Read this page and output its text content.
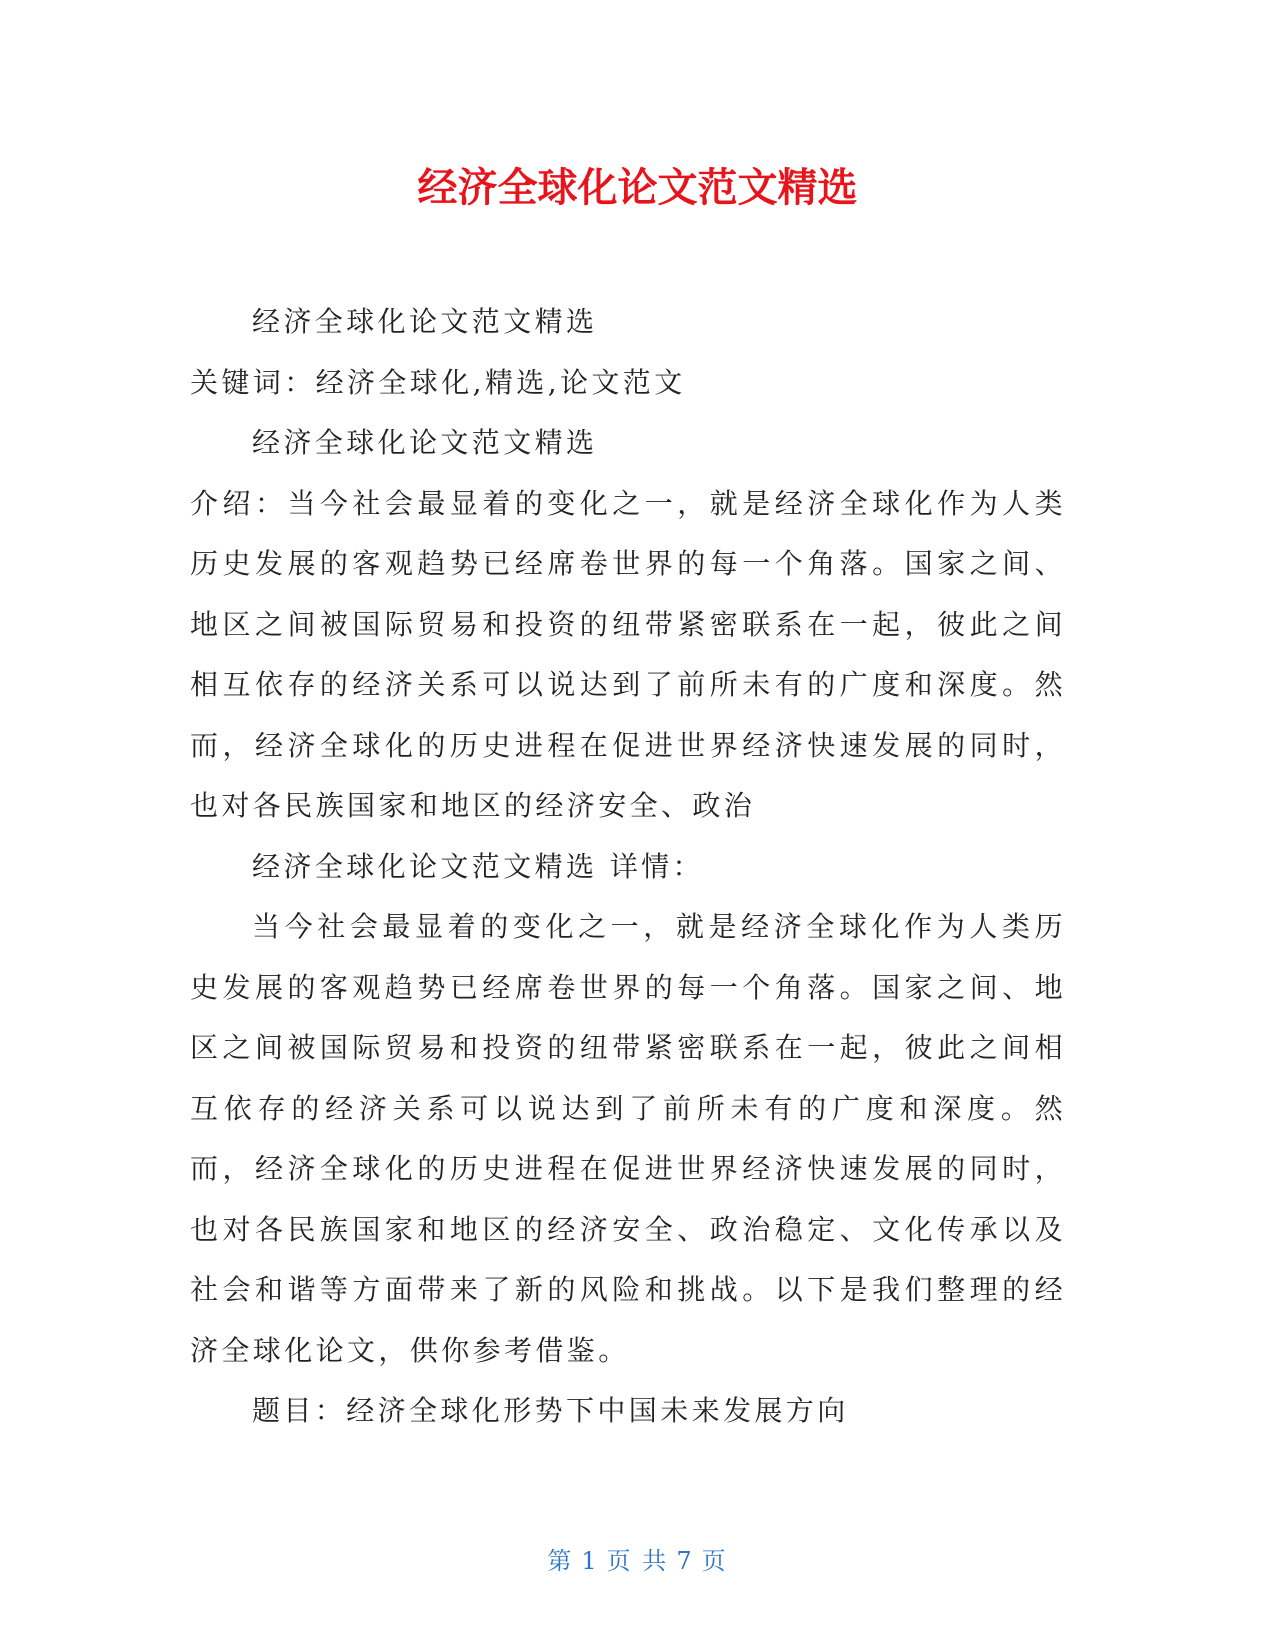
经济全球化论文范文精选

经济全球化论文范文精选

关键词：经济全球化,精选,论文范文

经济全球化论文范文精选

介绍：当今社会最显着的变化之一，就是经济全球化作为人类历史发展的客观趋势已经席卷世界的每一个角落。国家之间、地区之间被国际贸易和投资的纽带紧密联系在一起，彼此之间相互依存的经济关系可以说达到了前所未有的广度和深度。然而，经济全球化的历史进程在促进世界经济快速发展的同时，也对各民族国家和地区的经济安全、政治

经济全球化论文范文精选 详情：

当今社会最显着的变化之一，就是经济全球化作为人类历史发展的客观趋势已经席卷世界的每一个角落。国家之间、地区之间被国际贸易和投资的纽带紧密联系在一起，彼此之间相互依存的经济关系可以说达到了前所未有的广度和深度。然而，经济全球化的历史进程在促进世界经济快速发展的同时，也对各民族国家和地区的经济安全、政治稳定、文化传承以及社会和谐等方面带来了新的风险和挑战。以下是我们整理的经济全球化论文，供你参考借鉴。

题目：经济全球化形势下中国未来发展方向

第 1 页 共 7 页
